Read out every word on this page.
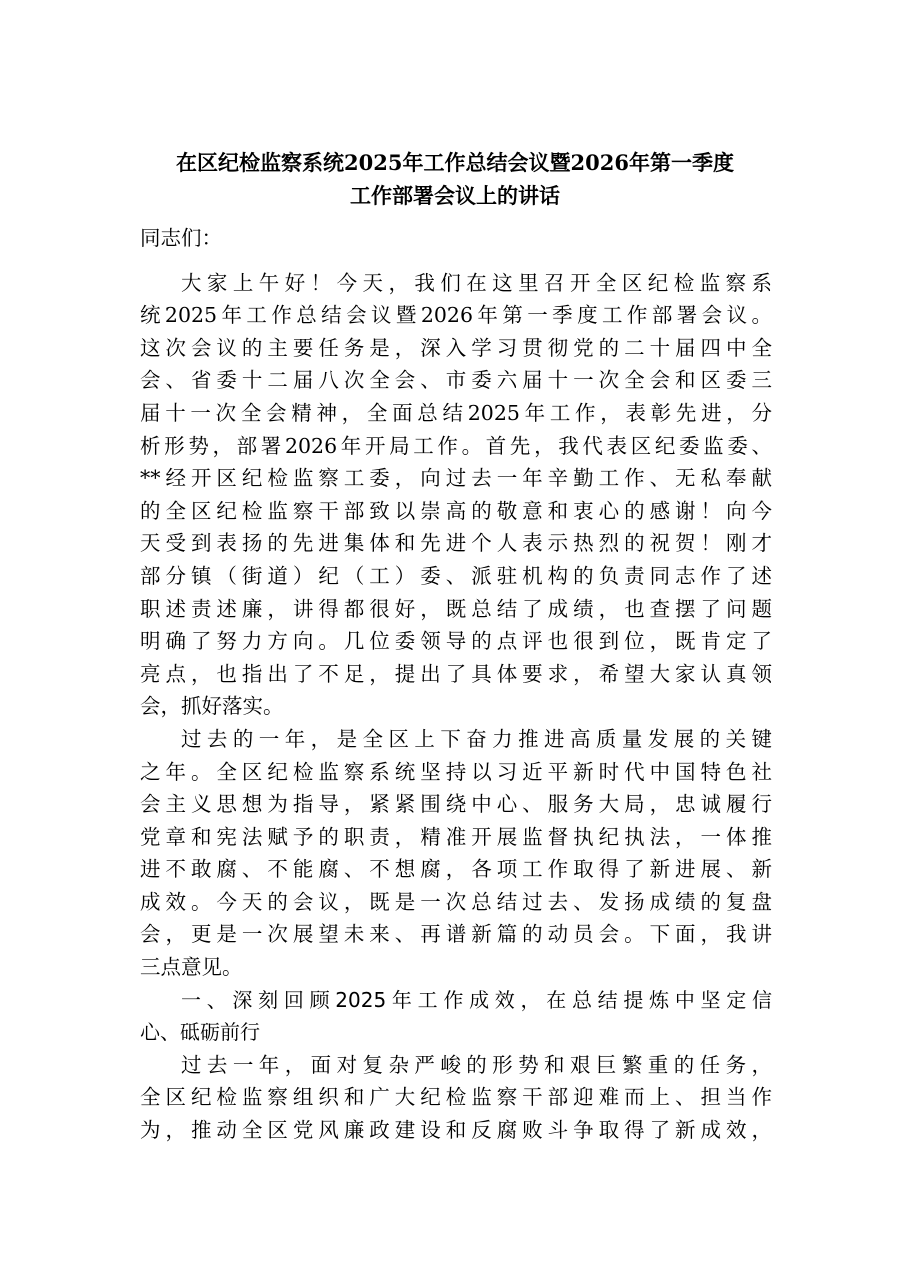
在区纪检监察系统2025年工作总结会议暨2026年第一季度
工作部署会议上的讲话
同志们：
大家上午好！今天，我们在这里召开全区纪检监察系
统2025年工作总结会议暨2026年第一季度工作部署会议。
这次会议的主要任务是，深入学习贯彻党的二十届四中全
会、省委十二届八次全会、市委六届十一次全会和区委三
届十一次全会精神，全面总结2025年工作，表彰先进，分
析形势，部署2026年开局工作。首先，我代表区纪委监委、
**经开区纪检监察工委，向过去一年辛勤工作、无私奉献
的全区纪检监察干部致以崇高的敬意和衷心的感谢！向今
天受到表扬的先进集体和先进个人表示热烈的祝贺！刚才
部分镇（街道）纪（工）委、派驻机构的负责同志作了述
职述责述廉，讲得都很好，既总结了成绩，也查摆了问题
明确了努力方向。几位委领导的点评也很到位，既肯定了
亮点，也指出了不足，提出了具体要求，希望大家认真领
会，抓好落实。
过去的一年，是全区上下奋力推进高质量发展的关键
之年。全区纪检监察系统坚持以习近平新时代中国特色社
会主义思想为指导，紧紧围绕中心、服务大局，忠诚履行
党章和宪法赋予的职责，精准开展监督执纪执法，一体推
进不敢腐、不能腐、不想腐，各项工作取得了新进展、新
成效。今天的会议，既是一次总结过去、发扬成绩的复盘
会，更是一次展望未来、再谱新篇的动员会。下面，我讲
三点意见。
一、深刻回顾2025年工作成效，在总结提炼中坚定信
心、砥砺前行
过去一年，面对复杂严峻的形势和艰巨繁重的任务，
全区纪检监察组织和广大纪检监察干部迎难而上、担当作
为，推动全区党风廉政建设和反腐败斗争取得了新成效，
